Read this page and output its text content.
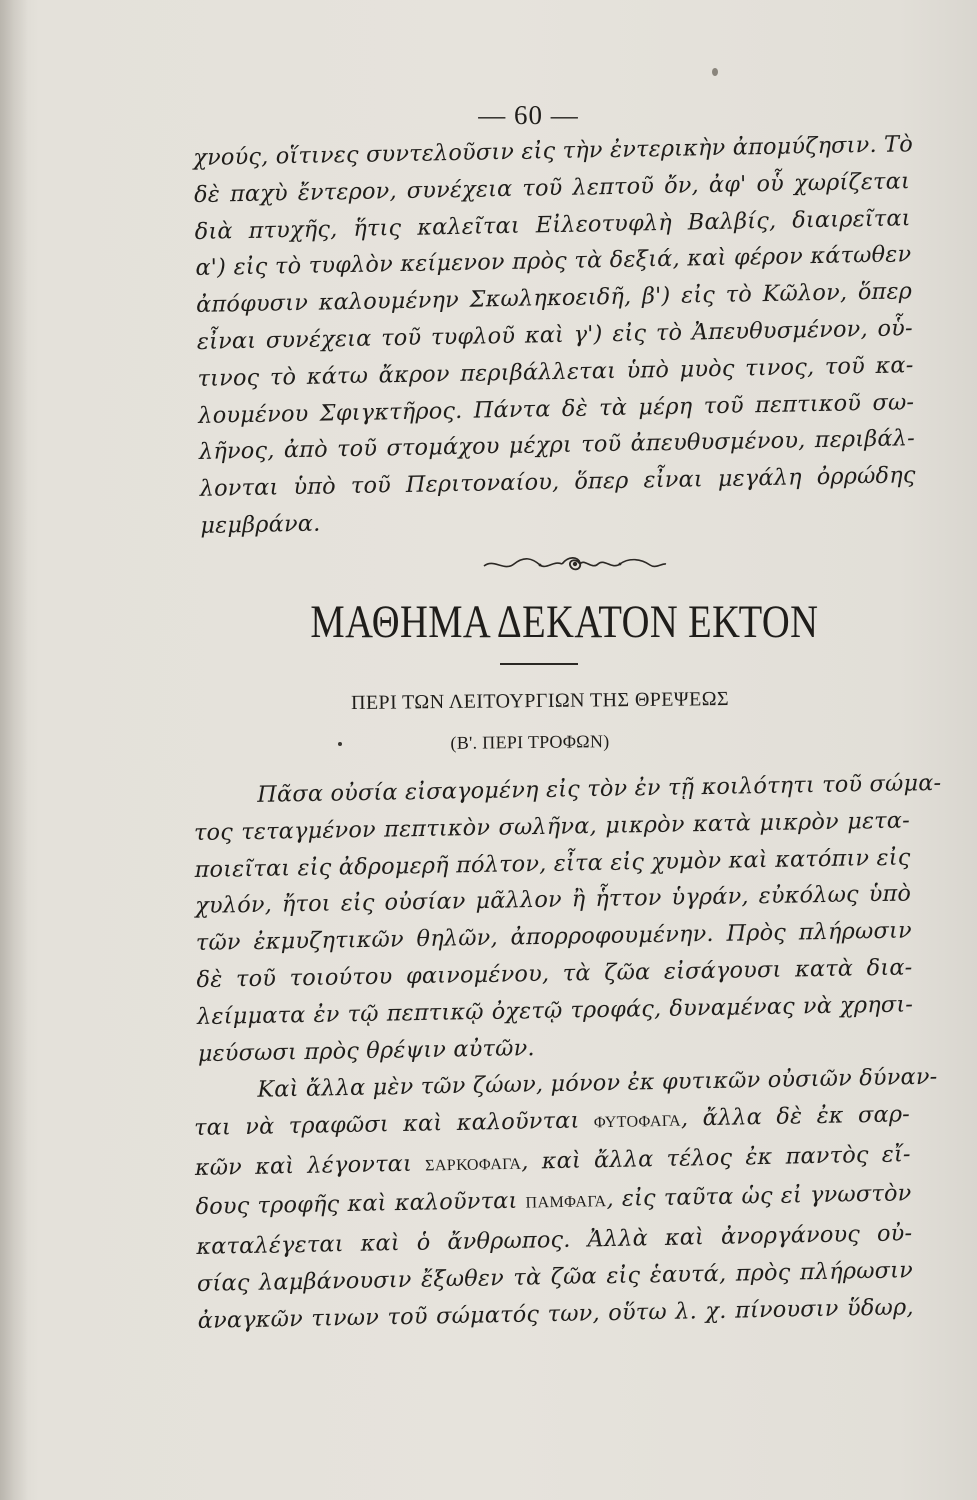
— 60 —

χνούς, οἵτινες συντελοῦσιν εἰς τὴν ἐντερικὴν ἀπομύζησιν. Τὸ
δὲ παχὺ ἔντερον, συνέχεια τοῦ λεπτοῦ ὄν, ἀφ' οὗ χωρίζεται
διὰ πτυχῆς, ἥτις καλεῖται Εἰλεοτυφλὴ Βαλβίς, διαιρεῖται
α') εἰς τὸ τυφλὸν κείμενον πρὸς τὰ δεξιά, καὶ φέρον κάτωθεν
ἀπόφυσιν καλουμένην Σκωληκοειδῆ, β') εἰς τὸ Κῶλον, ὅπερ
εἶναι συνέχεια τοῦ τυφλοῦ καὶ γ') εἰς τὸ Ἀπευθυσμένον, οὗ-
τινος τὸ κάτω ἄκρον περιβάλλεται ὑπὸ μυὸς τινος, τοῦ κα-
λουμένου Σφιγκτῆρος. Πάντα δὲ τὰ μέρη τοῦ πεπτικοῦ σω-
λῆνος, ἀπὸ τοῦ στομάχου μέχρι τοῦ ἀπευθυσμένου, περιβάλ-
λονται ὑπὸ τοῦ Περιτοναίου, ὅπερ εἶναι μεγάλη ὀρρώδης
μεμβράνα.

ΜΑΘΗΜΑ ΔΕΚΑΤΟΝ ΕΚΤΟΝ
ΠΕΡΙ ΤΩΝ ΛΕΙΤΟΥΡΓΙΩΝ ΤΗΣ ΘΡΕΨΕΩΣ
(Β'. ΠΕΡΙ ΤΡΟΦΩΝ)

Πᾶσα οὐσία εἰσαγομένη εἰς τὸν ἐν τῇ κοιλότητι τοῦ σώμα-
τος τεταγμένον πεπτικὸν σωλῆνα, μικρὸν κατὰ μικρὸν μετα-
ποιεῖται εἰς ἀδρομερῆ πόλτον, εἶτα εἰς χυμὸν καὶ κατόπιν εἰς
χυλόν, ἤτοι εἰς οὐσίαν μᾶλλον ἢ ἧττον ὑγράν, εὐκόλως ὑπὸ
τῶν ἐκμυζητικῶν θηλῶν, ἀπορροφουμένην. Πρὸς πλήρωσιν
δὲ τοῦ τοιούτου φαινομένου, τὰ ζῶα εἰσάγουσι κατὰ δια-
λείμματα ἐν τῷ πεπτικῷ ὀχετῷ τροφάς, δυναμένας νὰ χρησι-
μεύσωσι πρὸς θρέψιν αὐτῶν.

Καὶ ἄλλα μὲν τῶν ζώων, μόνον ἐκ φυτικῶν οὐσιῶν δύναν-
ται νὰ τραφῶσι καὶ καλοῦνται ΦΥΤΟΦΑΓΑ, ἄλλα δὲ ἐκ σαρ-
κῶν καὶ λέγονται ΣΑΡΚΟΦΑΓΑ, καὶ ἄλλα τέλος ἐκ παντὸς εἴ-
δους τροφῆς καὶ καλοῦνται ΠΑΜΦΑΓΑ, εἰς ταῦτα ὡς εἰ γνωστὸν
καταλέγεται καὶ ὁ ἄνθρωπος. Ἀλλὰ καὶ ἀνοργάνους οὐ-
σίας λαμβάνουσιν ἔξωθεν τὰ ζῶα εἰς ἑαυτά, πρὸς πλήρωσιν
ἀναγκῶν τινων τοῦ σώματός των, οὕτω λ. χ. πίνουσιν ὕδωρ,
